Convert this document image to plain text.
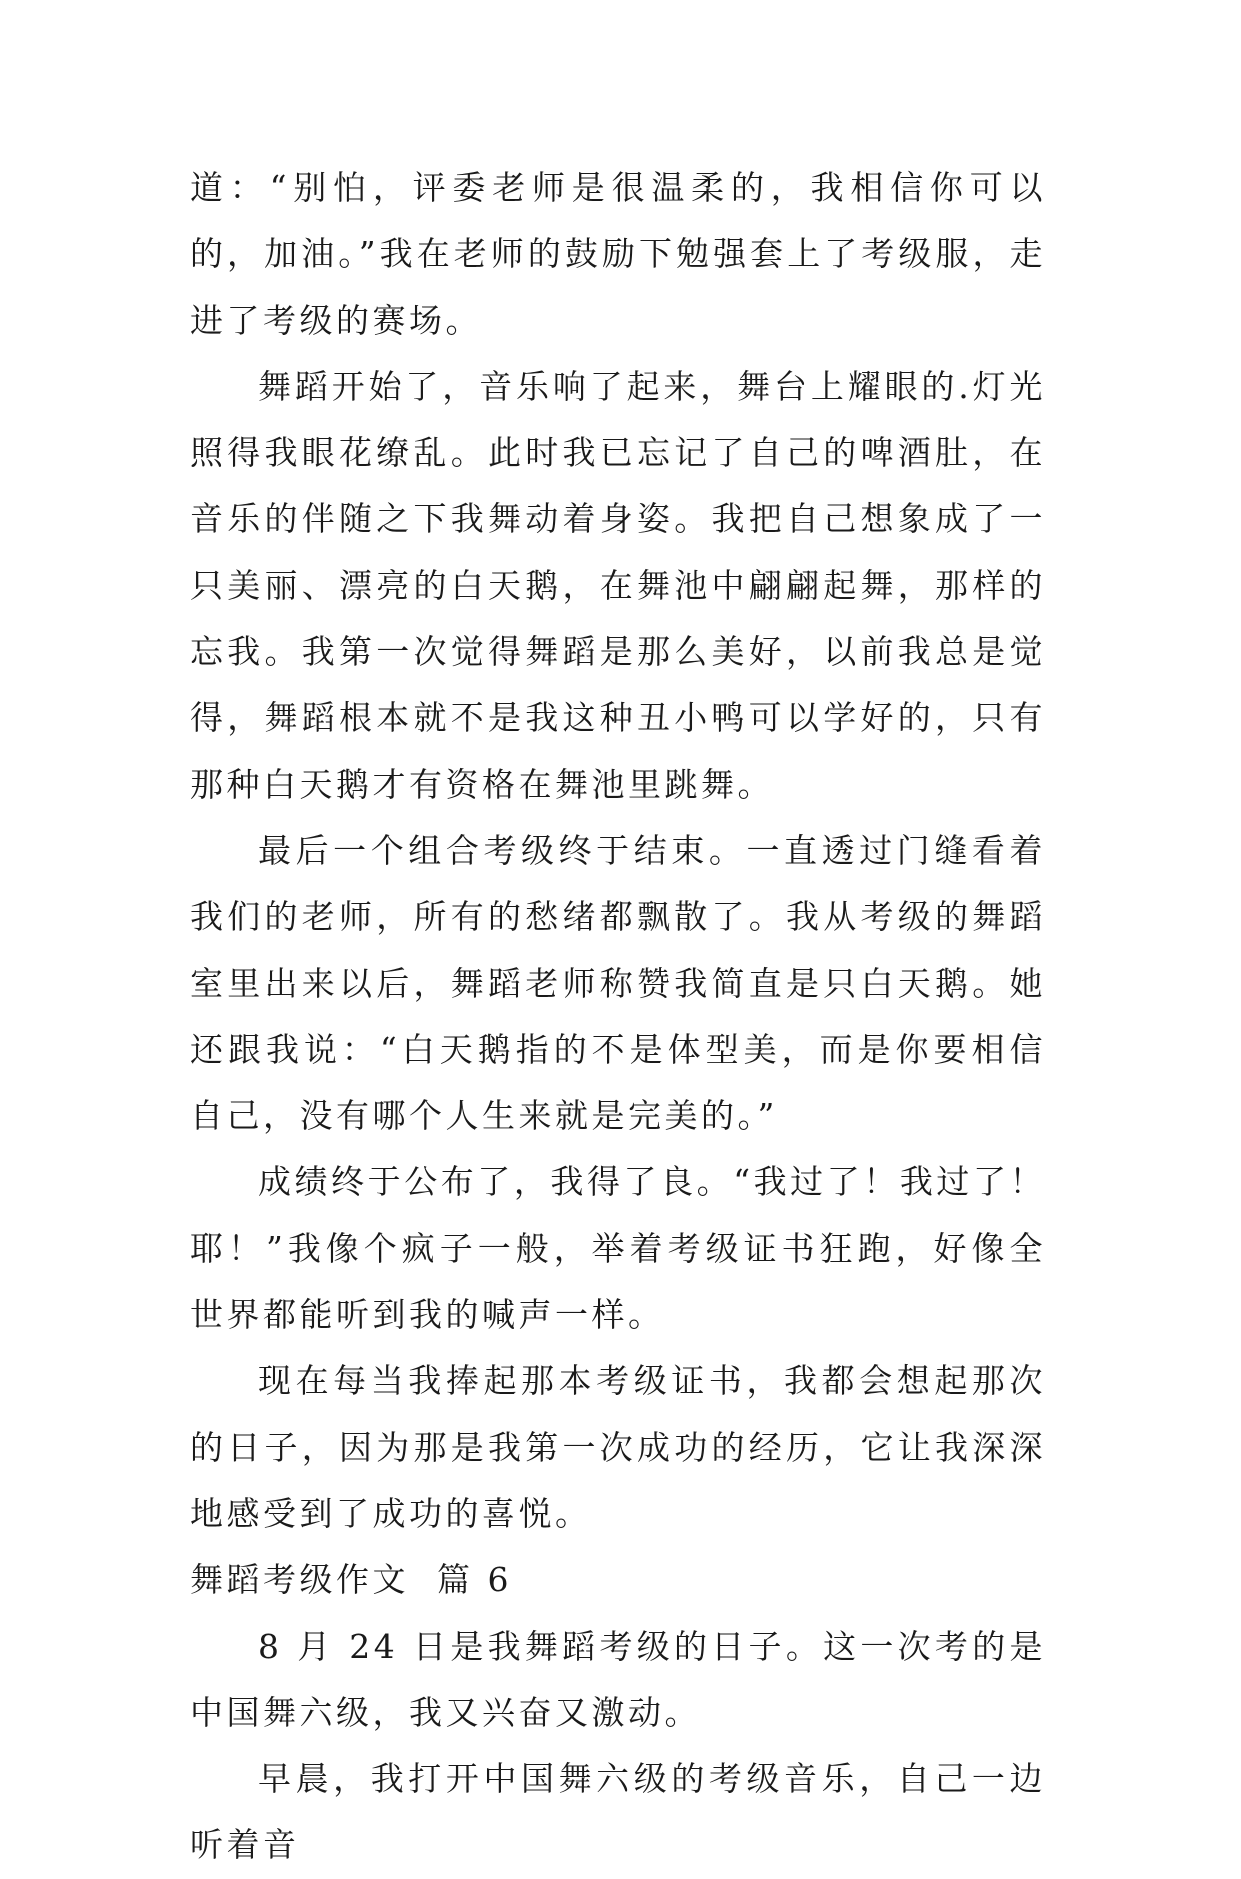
道：“别怕，评委老师是很温柔的，我相信你可以的，加油。”我在老师的鼓励下勉强套上了考级服，走进了考级的赛场。

舞蹈开始了，音乐响了起来，舞台上耀眼的.灯光照得我眼花缭乱。此时我已忘记了自己的啤酒肚，在音乐的伴随之下我舞动着身姿。我把自己想象成了一只美丽、漂亮的白天鹅，在舞池中翩翩起舞，那样的忘我。我第一次觉得舞蹈是那么美好，以前我总是觉得，舞蹈根本就不是我这种丑小鸭可以学好的，只有那种白天鹅才有资格在舞池里跳舞。

最后一个组合考级终于结束。一直透过门缝看着我们的老师，所有的愁绪都飘散了。我从考级的舞蹈室里出来以后，舞蹈老师称赞我简直是只白天鹅。她还跟我说：“白天鹅指的不是体型美，而是你要相信自己，没有哪个人生来就是完美的。”

成绩终于公布了，我得了良。“我过了！我过了！耶！”我像个疯子一般，举着考级证书狂跑，好像全世界都能听到我的喊声一样。

现在每当我捧起那本考级证书，我都会想起那次的日子，因为那是我第一次成功的经历，它让我深深地感受到了成功的喜悦。

舞蹈考级作文  篇 6

8 月 24 日是我舞蹈考级的日子。这一次考的是中国舞六级，我又兴奋又激动。

早晨，我打开中国舞六级的考级音乐，自己一边听着音
